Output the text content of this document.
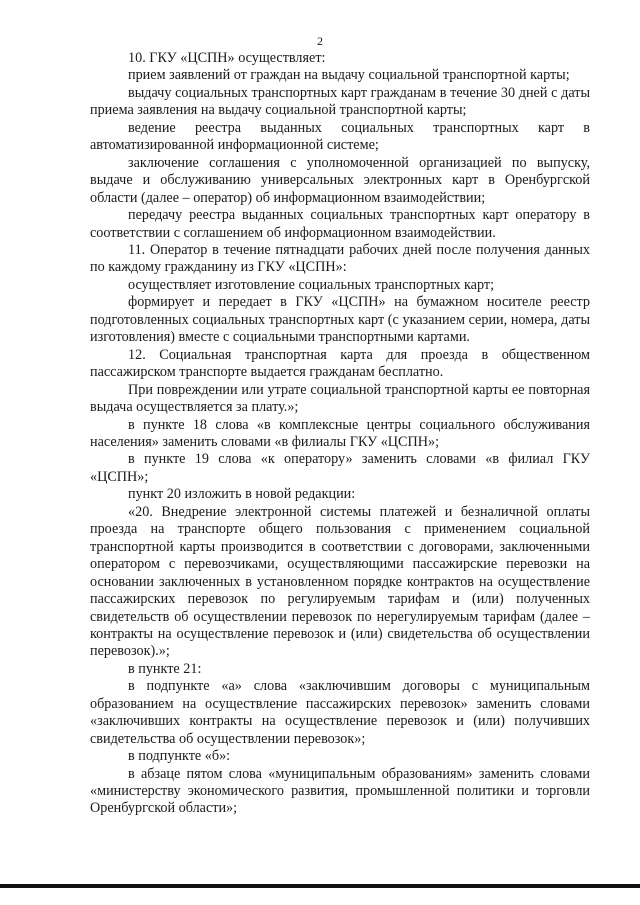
2

10. ГКУ «ЦСПН» осуществляет:

прием заявлений от граждан на выдачу социальной транспортной карты;

выдачу социальных транспортных карт гражданам в течение 30 дней с даты приема заявления на выдачу социальной транспортной карты;

ведение реестра выданных социальных транспортных карт в автоматизированной информационной системе;

заключение соглашения с уполномоченной организацией по выпуску, выдаче и обслуживанию универсальных электронных карт в Оренбургской области (далее – оператор) об информационном взаимодействии;

передачу реестра выданных социальных транспортных карт оператору в соответствии с соглашением об информационном взаимодействии.

11. Оператор в течение пятнадцати рабочих дней после получения данных по каждому гражданину из ГКУ «ЦСПН»:

осуществляет изготовление социальных транспортных карт;

формирует и передает в ГКУ «ЦСПН» на бумажном носителе реестр подготовленных социальных транспортных карт (с указанием серии, номера, даты изготовления) вместе с социальными транспортными картами.

12. Социальная транспортная карта для проезда в общественном пассажирском транспорте выдается гражданам бесплатно.

При повреждении или утрате социальной транспортной карты ее повторная выдача осуществляется за плату.»;

в пункте 18 слова «в комплексные центры социального обслуживания населения» заменить словами «в филиалы ГКУ «ЦСПН»;

в пункте 19 слова «к оператору» заменить словами «в филиал ГКУ «ЦСПН»;

пункт 20 изложить в новой редакции:

«20. Внедрение электронной системы платежей и безналичной оплаты проезда на транспорте общего пользования с применением социальной транспортной карты производится в соответствии с договорами, заключенными оператором с перевозчиками, осуществляющими пассажирские перевозки на основании заключенных в установленном порядке контрактов на осуществление пассажирских перевозок по регулируемым тарифам и (или) полученных свидетельств об осуществлении перевозок по нерегулируемым тарифам (далее – контракты на осуществление перевозок и (или) свидетельства об осуществлении перевозок).»;

в пункте 21:

в подпункте «а» слова «заключившим договоры с муниципальным образованием на осуществление пассажирских перевозок» заменить словами «заключивших контракты на осуществление перевозок и (или) получивших свидетельства об осуществлении перевозок»;

в подпункте «б»:

в абзаце пятом слова «муниципальным образованиям» заменить словами «министерству экономического развития, промышленной политики и торговли Оренбургской области»;
